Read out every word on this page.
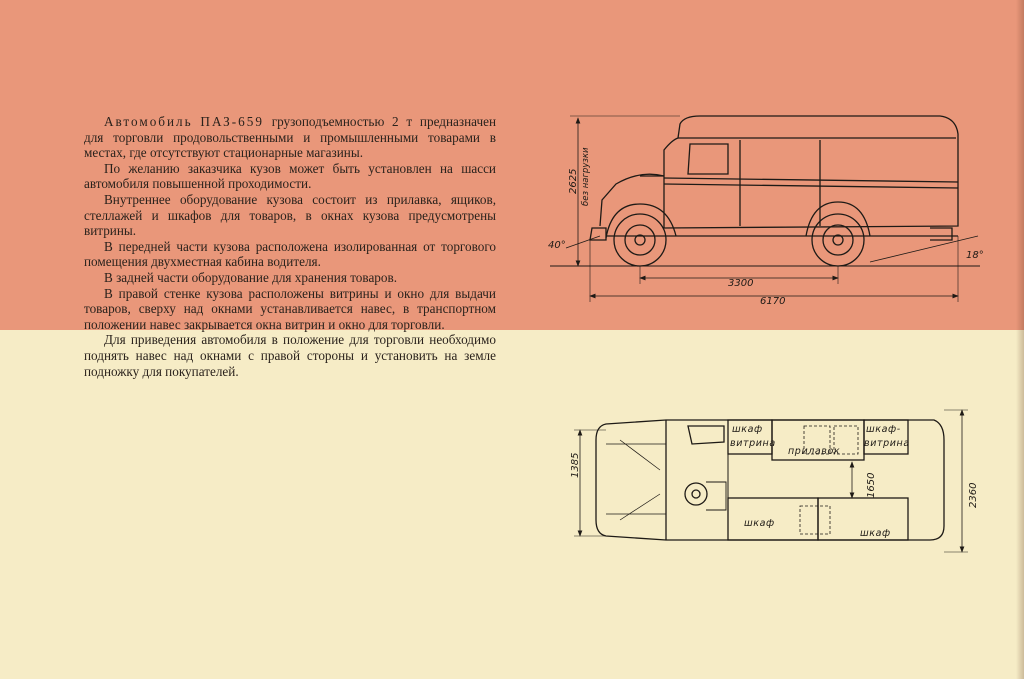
Автомобиль ПАЗ-659 грузоподъемностью 2 т предназначен для торговли продовольственными и промышленными товарами в местах, где отсутствуют стационарные магазины.

По желанию заказчика кузов может быть установлен на шасси автомобиля повышенной проходимости.

Внутреннее оборудование кузова состоит из прилавка, ящиков, стеллажей и шкафов для товаров, в окнах кузова предусмотрены витрины.

В передней части кузова расположена изолированная от торгового помещения двухместная кабина водителя.

В задней части оборудование для хранения товаров.

В правой стенке кузова расположены витрины и окно для выдачи товаров, сверху над окнами устанавливается навес, в транспортном положении навес закрывается окна витрин и окно для торговли.

Для приведения автомобиля в положение для торговли необходимо поднять навес над окнами с правой стороны и установить на земле подножку для покупателей.

2625 без нагрузки
3300
6170
40°
18°
1385
1650	2360
шкаф
витрина
шкаф-
витрина
прилавок
шкаф
шкаф
